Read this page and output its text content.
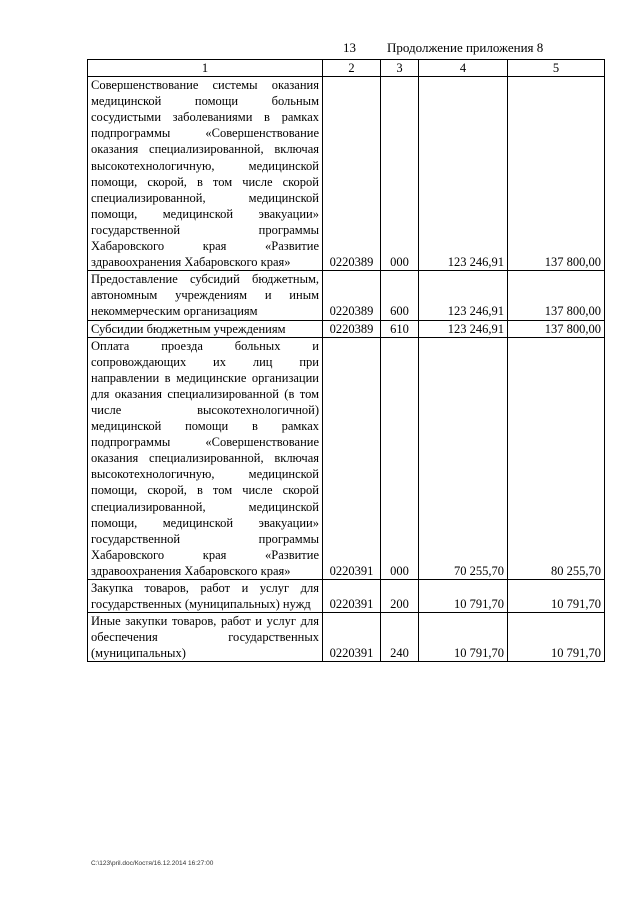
13 Продолжение приложения 8
1	2	3	4	5
Совершенствование системы оказания медицинской помощи больным сосудистыми заболеваниями в рамках подпрограммы «Совершенствование оказания специализированной, включая высокотехнологичную, медицинской помощи, скорой, в том числе скорой специализированной, медицинской помощи, медицинской эвакуации» государственной программы Хабаровского края «Развитие здравоохранения Хабаровского края»	0220389	000	123 246,91	137 800,00
Предоставление субсидий бюджетным, автономным учреждениям и иным некоммерческим организациям	0220389	600	123 246,91	137 800,00
Субсидии бюджетным учреждениям	0220389	610	123 246,91	137 800,00
Оплата проезда больных и сопровождающих их лиц при направлении в медицинские организации для оказания специализированной (в том числе высокотехнологичной) медицинской помощи в рамках подпрограммы «Совершенствование оказания специализированной, включая высокотехнологичную, медицинской помощи, скорой, в том числе скорой специализированной, медицинской помощи, медицинской эвакуации» государственной программы Хабаровского края «Развитие здравоохранения Хабаровского края»	0220391	000	70 255,70	80 255,70
Закупка товаров, работ и услуг для государственных (муниципальных) нужд	0220391	200	10 791,70	10 791,70
Иные закупки товаров, работ и услуг для обеспечения государственных (муниципальных)	0220391	240	10 791,70	10 791,70
C:\123\pril.doc/Костя/16.12.2014 16:27:00
